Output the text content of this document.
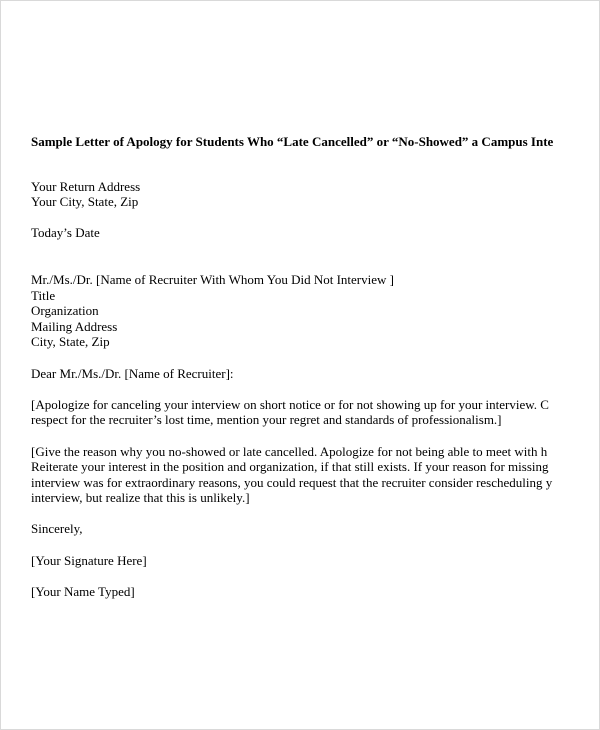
Sample Letter of Apology for Students Who “Late Cancelled” or “No-Showed” a Campus Inte
Your Return Address
Your City, State, Zip
Today’s Date
Mr./Ms./Dr. [Name of Recruiter With Whom You Did Not Interview ]
Title
Organization
Mailing Address
City, State, Zip
Dear Mr./Ms./Dr. [Name of Recruiter]:
[Apologize for canceling your interview on short notice or for not showing up for your interview. C
respect for the recruiter’s lost time, mention your regret and standards of professionalism.]
[Give the reason why you no-showed or late cancelled. Apologize for not being able to meet with h
Reiterate your interest in the position and organization, if that still exists. If your reason for missing
interview was for extraordinary reasons, you could request that the recruiter consider rescheduling y
interview, but realize that this is unlikely.]
Sincerely,
[Your Signature Here]
[Your Name Typed]
